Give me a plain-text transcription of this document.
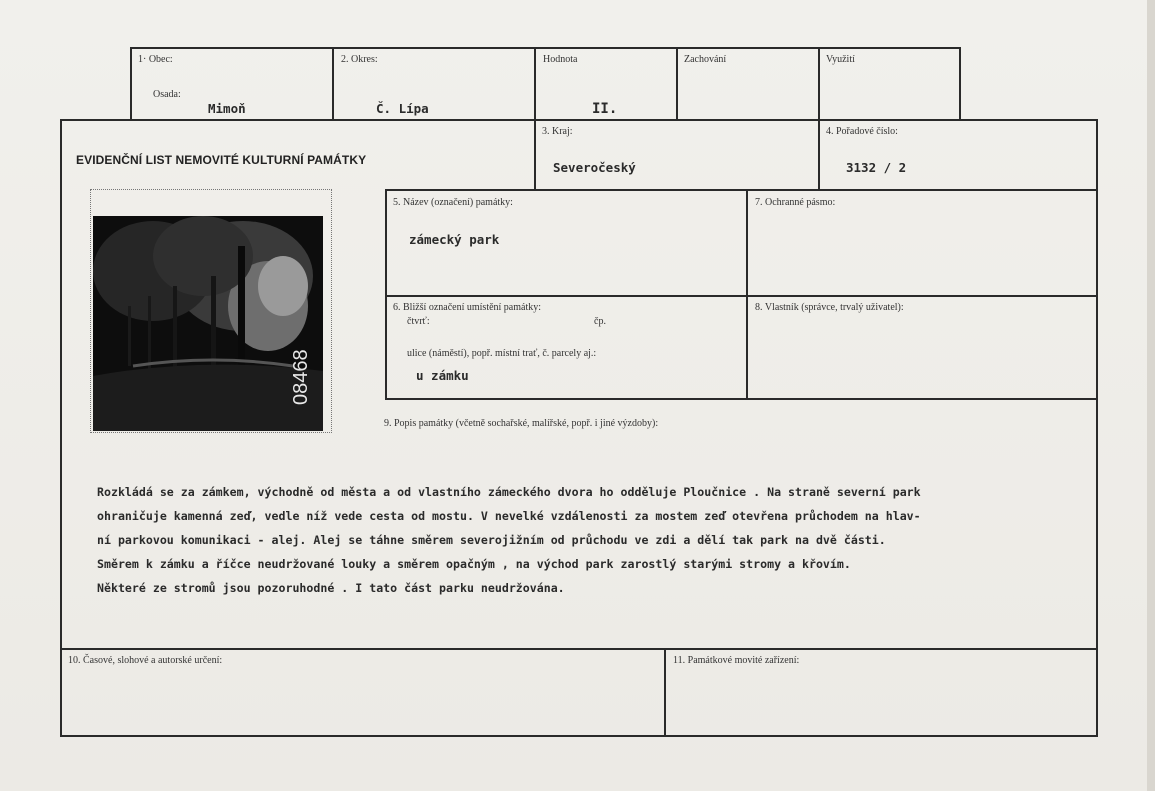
1· Obec:
Osada:
Mimoň
2. Okres:
Č. Lípa
Hodnota
II.
Zachování	Využití
EVIDENČNÍ LIST NEMOVITÉ KULTURNÍ PAMÁTKY
3. Kraj:
Severočeský
4. Pořadové číslo:
3132 / 2
08468
5. Název (označení) památky:
zámecký park
7. Ochranné pásmo:
6. Bližší označení umístění památky:
čtvrť:	čp.
ulice (náměstí), popř. místní trať, č. parcely aj.:
u zámku
8. Vlastník (správce, trvalý uživatel):
9. Popis památky (včetně sochařské, malířské, popř. i jiné výzdoby):
Rozkládá se za zámkem, východně od města a od vlastního zámeckého dvora ho odděluje Ploučnice . Na straně severní park
ohraničuje kamenná zeď, vedle níž vede cesta od mostu. V nevelké vzdálenosti za mostem zeď otevřena průchodem na hlav-
ní parkovou komunikaci - alej. Alej se táhne směrem severojižním od průchodu ve zdi a dělí tak park na dvě části.
Směrem k zámku a říčce neudržované louky a směrem opačným , na východ park zarostlý starými stromy a křovím.
Některé ze stromů jsou pozoruhodné . I tato část parku neudržována.
10. Časové, slohové a autorské určení:	11. Památkové movité zařízení:
